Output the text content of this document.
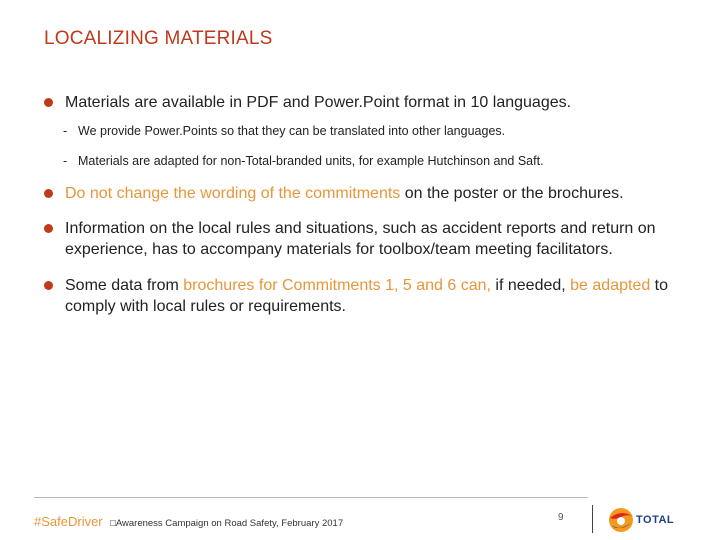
LOCALIZING MATERIALS
Materials are available in PDF and Power.Point format in 10 languages.
- We provide Power.Points so that they can be translated into other languages.
- Materials are adapted for non-Total-branded units, for example Hutchinson and Saft.
Do not change the wording of the commitments on the poster or the brochures.
Information on the local rules and situations, such as accident reports and return on experience, has to accompany materials for toolbox/team meeting facilitators.
Some data from brochures for Commitments 1, 5 and 6 can, if needed, be adapted to comply with local rules or requirements.
#SafeDriver □Awareness Campaign on Road Safety, February 2017
9	TOTAL
